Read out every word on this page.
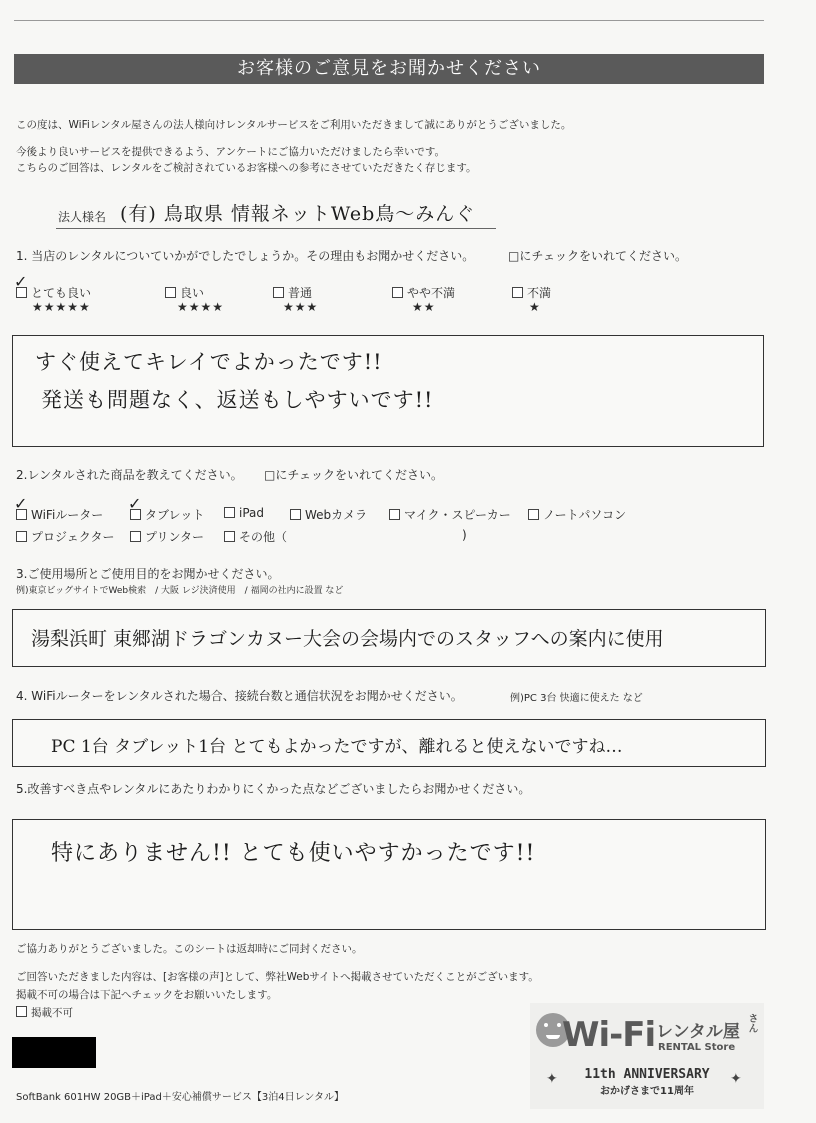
お客様のご意見をお聞かせください
この度は、WiFiレンタル屋さんの法人様向けレンタルサービスをご利用いただきまして誠にありがとうございました。
今後より良いサービスを提供できるよう、アンケートにご協力いただけましたら幸いです。
こちらのご回答は、レンタルをご検討されているお客様への参考にさせていただきたく存じます。
法人様名 (有) 鳥取県 情報ネットWeb鳥～みんぐ
1. 当店のレンタルについていかがでしたでしょうか。その理由もお聞かせください。	□にチェックをいれてください。
とても良い
✓
★★★★★
良い
★★★★
普通
★★★
やや不満
★★
不満
★
すぐ使えてキレイでよかったです!!
発送も問題なく、返送もしやすいです!!
2.レンタルされた商品を教えてください。 □にチェックをいれてください。
WiFiルーター
✓
タブレット
✓	iPad	Webカメラ	マイク・スピーカー	ノートパソコン
プロジェクター	プリンター	その他（	)
3.ご使用場所とご使用目的をお聞かせください。
例)東京ビッグサイトでWeb検索　/ 大阪 レジ決済使用　/ 福岡の社内に設置 など
湯梨浜町 東郷湖ドラゴンカヌー大会の会場内でのスタッフへの案内に使用
4. WiFiルーターをレンタルされた場合、接続台数と通信状況をお聞かせください。	例)PC 3台 快適に使えた など
PC 1台 タブレット1台 とてもよかったですが、離れると使えないですね…
5.改善すべき点やレンタルにあたりわかりにくかった点などございましたらお聞かせください。
特にありません!! とても使いやすかったです!!
ご協力ありがとうございました。このシートは返却時にご同封ください。
ご回答いただきました内容は、[お客様の声]として、弊社Webサイトへ掲載させていただくことがございます。
掲載不可の場合は下記へチェックをお願いいたします。
掲載不可
SoftBank 601HW 20GB＋iPad＋安心補償サービス【3泊4日レンタル】
Wi-Fi レンタル屋 さん
RENTAL Store
11th ANNIVERSARY
おかげさまで11周年
✦	✦
